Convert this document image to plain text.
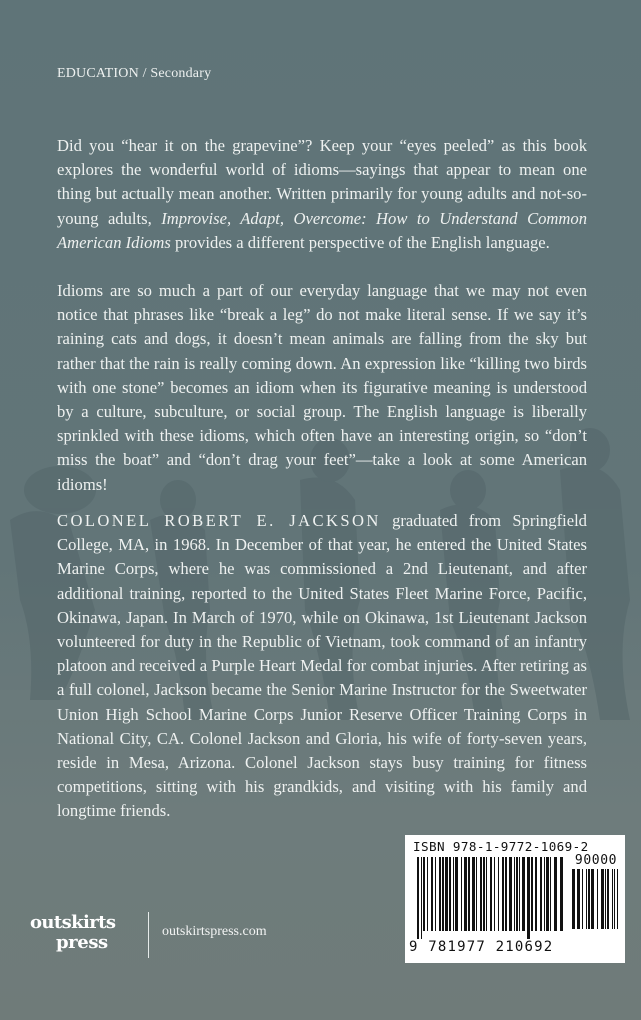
EDUCATION / Secondary

Did you “hear it on the grapevine”? Keep your “eyes peeled” as this book explores the wonderful world of idioms—sayings that appear to mean one thing but actually mean another. Written primarily for young adults and not-so-young adults, Improvise, Adapt, Overcome: How to Understand Common American Idioms provides a different perspective of the English language.

Idioms are so much a part of our everyday language that we may not even notice that phrases like “break a leg” do not make literal sense. If we say it’s raining cats and dogs, it doesn’t mean animals are falling from the sky but rather that the rain is really coming down. An expression like “killing two birds with one stone” becomes an idiom when its figurative meaning is understood by a culture, subculture, or social group. The English language is liberally sprinkled with these idioms, which often have an interesting origin, so “don’t miss the boat” and “don’t drag your feet”—take a look at some American idioms!

COLONEL ROBERT E. JACKSON graduated from Springfield College, MA, in 1968. In December of that year, he entered the United States Marine Corps, where he was commissioned a 2nd Lieutenant, and after additional training, reported to the United States Fleet Marine Force, Pacific, Okinawa, Japan. In March of 1970, while on Okinawa, 1st Lieutenant Jackson volunteered for duty in the Republic of Vietnam, took command of an infantry platoon and received a Purple Heart Medal for combat injuries. After retiring as a full colonel, Jackson became the Senior Marine Instructor for the Sweetwater Union High School Marine Corps Junior Reserve Officer Training Corps in National City, CA. Colonel Jackson and Gloria, his wife of forty-seven years, reside in Mesa, Arizona. Colonel Jackson stays busy training for fitness competitions, sitting with his grandkids, and visiting with his family and longtime friends.

ISBN 978-1-9772-1069-2
90000
9 781977 210692
outskirts
press
outskirtspress.com
